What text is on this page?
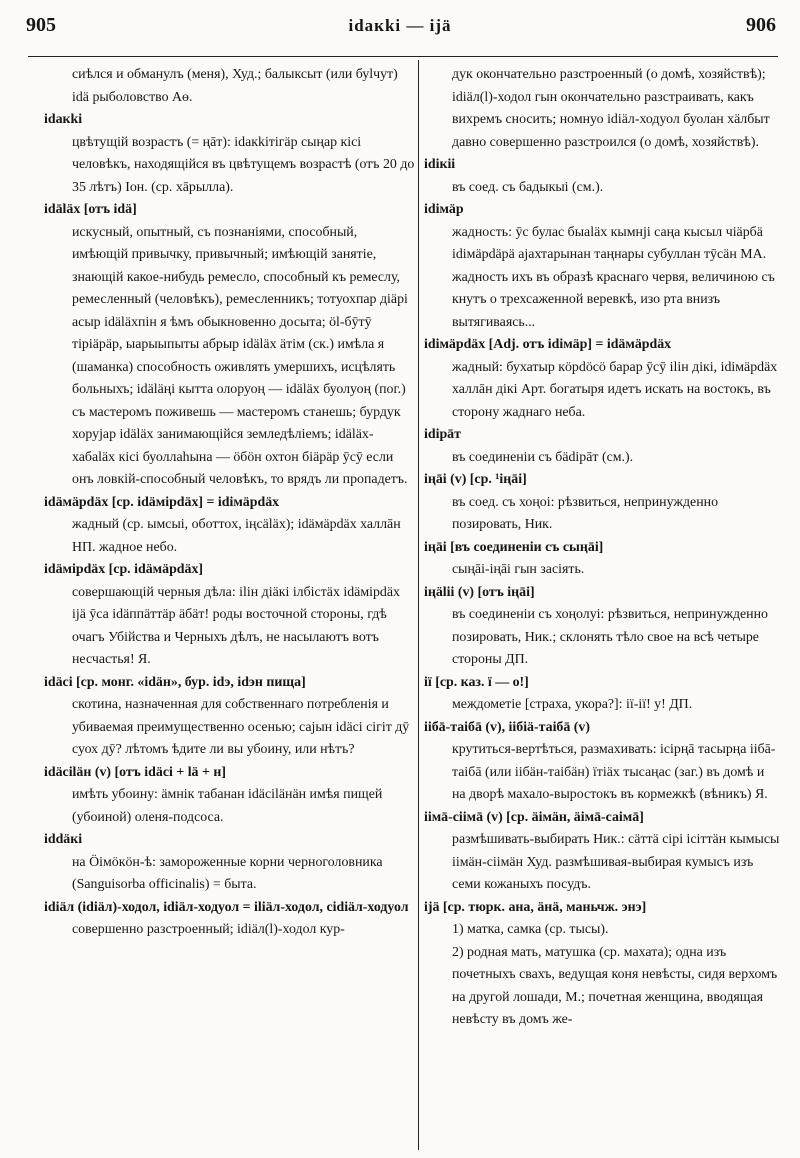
905	іdакkі — іjä	906
сиѣлся и обманулъ (меня), Худ.; балыксыт (или буlчут) іdä рыболовство Аѳ.
іdакkі
цвѣтущій возрастъ (= ңāт): іdакkітігäр сыңар кісі человѣкъ, находящійся въ цвѣтущемъ возрастѣ (отъ 20 до 35 лѣтъ) Іон. (ср. хāрылла).
іdāläх [отъ іdä]
искусный, опытный, съ познаніями, способный, имѣющій привычку, привычный; имѣющій занятіе, знающій какое-нибудь ремесло, способный къ ремеслу, ремесленный (человѣкъ), ремесленникъ; тотуохпар діäрі асыр іdäläхпін я ѣмъ обыкновенно досыта; öl-бӯтӯ тіріäрäр, ыарыыпыты абрыр іdäläх äтім (ск.) имѣла я (шаманка) способность оживлять умершихъ, исцѣлять больныхъ; іdäläңі кытта олоруоң — іdäläх буолуоң (пог.) съ мастеромъ поживешь — мастеромъ станешь; бурдук хоруjар іdäläх занимающійся земледѣліемъ; іdäläх-хабаläх кісі буоллаhына — öбӧн охтон біäрäр ӯсӯ если онъ ловкій-способный человѣкъ, то врядъ ли пропадетъ.
іdäмäрdäх [ср. іdäмірdäх] = іdімäрdäх
жадный (ср. ымсыі, оботтоx, іңсäläх); іdäмäрdäх халлāн НП. жадное небо.
іdäмірdäх [ср. іdäмäрdäх]
совершающій черныя дѣла: іlін діäкі ілбістäх іdäмірdäх іjä ӯса іdäппäттäр äбäт! роды восточной стороны, гдѣ очагъ Убійства и Черныхъ дѣлъ, не насылаютъ вотъ несчастья! Я.
іdäсі [ср. монг. «іdäн», бур. іdэ, іdэн пища]
скотина, назначенная для собственнаго потребленія и убиваемая преимущественно осенью; саjын іdäсі сігіт дӯ суох дӯ? лѣтомъ ѣдите ли вы убоину, или нѣтъ?
іdäсіläн (v) [отъ іdäсі + lä + н]
имѣть убоину: äмнік табанан іdäсіläнäн имѣя пищей (убоиной) оленя-подсоса.
іddäкі
на Öiмöкöн-ѣ: замороженные корни черноголовника (Sanguisorba officinalis) = быта.
іdіäл (іdіäл)-ходол, іdіäл-ходуол = іlіäл-ходол, сіdіäл-ходуол
совершенно разстроенный; іdіäл(l)-ходол кур-
дук окончательно разстроенный (о домѣ, хозяйствѣ); іdіäл(l)-ходол гын окончательно разстраивать, какъ вихремъ сносить; номнуо іdіäл-ходуол буолан хäлбыт давно совершенно разстроился (о домѣ, хозяйствѣ).
іdікіі
въ соед. съ бадыкыі (см.).
іdімäр
жадность: ӯс булас быаläх кымнjі саңа кысыл чіäрбä іdімäрdäрä аjахтарынан таңнары субуллан тӯсäн МА. жадность ихъ въ образѣ краснаго червя, величиною съ кнутъ о трехсаженной веревкѣ, изо рта внизъ вытягиваясь...
іdімäрdäх [Adj. отъ іdімäр] = іdäмäрdäх
жадный: бухатыр кöрdöсö барар ӯсӯ іlін дікі, іdімäрdäх халлāн дікі Арт. богатыря идетъ искать на востокъ, въ сторону жаднаго неба.
іdірāт
въ соединеніи съ бädірāт (см.).
іңāі (v) [ср. ¹іңāі]
въ соед. съ хоңоі: рѣзвиться, непринужденно позировать, Ник.
іңāі [въ соединеніи съ сыңāі]
сыңāі-іңāі гын засіять.
іңälіі (v) [отъ іңāі]
въ соединеніи съ хоңолуі: рѣзвиться, непринужденно позировать, Ник.; склонять тѣло свое на всѣ четыре стороны ДП.
ії [ср. каз. ї — о!]
междометіе [страха, укора?]: ії-ії! у! ДП.
іібā-таібā (v), іібіä-таібā (v)
крутиться-вертѣться, размахивать: ісірңā тасырңа іібā-таібā (или іібäн-таібäн) їтіäх тысаңас (заг.) въ домѣ и на дворѣ махало-выростокъ въ кормежкѣ (вѣникъ) Я.
іімā-сіімā (v) [ср. äімäн, äімā-саімā]
размѣшивать-выбирать Ник.: сäттä сірі ісіттäн кымысы іімäн-сіімäн Худ. размѣшивая-выбирая кумысъ изъ семи кожаныхъ посудъ.
іjä [ср. тюрк. ана, äнä, маньчж. энэ]
1) матка, самка (ср. тысы).
2) родная мать, матушка (ср. махата); одна изъ почетныхъ свахъ, ведущая коня невѣсты, сидя верхомъ на другой лошади, М.; почетная женщина, вводящая невѣсту въ домъ же-
